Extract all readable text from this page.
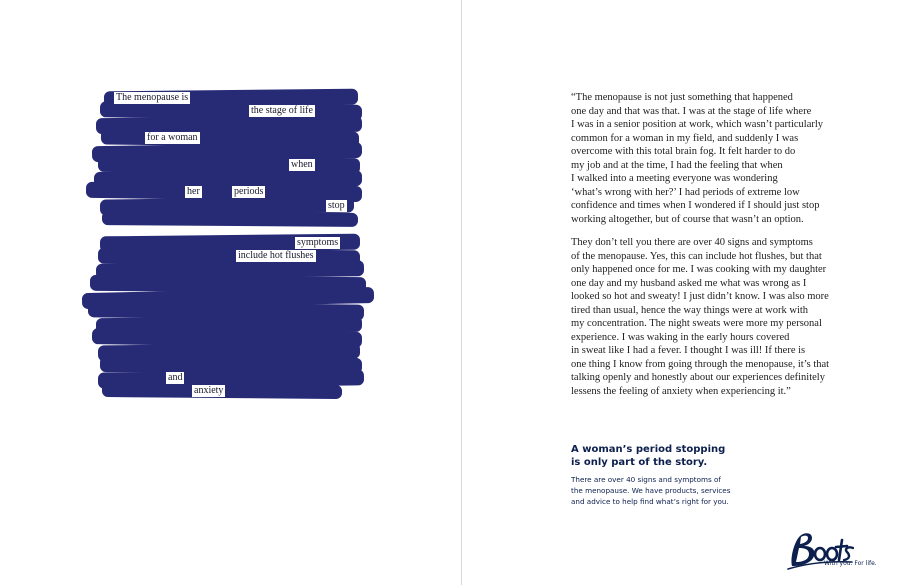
The menopause is
the stage of life
for a woman
when
her	periods
stop
symptoms
include hot flushes
and
anxiety

“The menopause is not just something that happened
one day and that was that. I was at the stage of life where
I was in a senior position at work, which wasn’t particularly
common for a woman in my field, and suddenly I was
overcome with this total brain fog. It felt harder to do
my job and at the time, I had the feeling that when
I walked into a meeting everyone was wondering
‘what’s wrong with her?’ I had periods of extreme low
confidence and times when I wondered if I should just stop
working altogether, but of course that wasn’t an option.

They don’t tell you there are over 40 signs and symptoms
of the menopause. Yes, this can include hot flushes, but that
only happened once for me. I was cooking with my daughter
one day and my husband asked me what was wrong as I
looked so hot and sweaty! I just didn’t know. I was also more
tired than usual, hence the way things were at work with
my concentration. The night sweats were more my personal
experience. I was waking in the early hours covered
in sweat like I had a fever. I thought I was ill! If there is
one thing I know from going through the menopause, it’s that
talking openly and honestly about our experiences definitely
lessens the feeling of anxiety when experiencing it.”

A woman’s period stopping
is only part of the story.
There are over 40 signs and symptoms of
the menopause. We have products, services
and advice to help find what’s right for you.
With you. For life.
